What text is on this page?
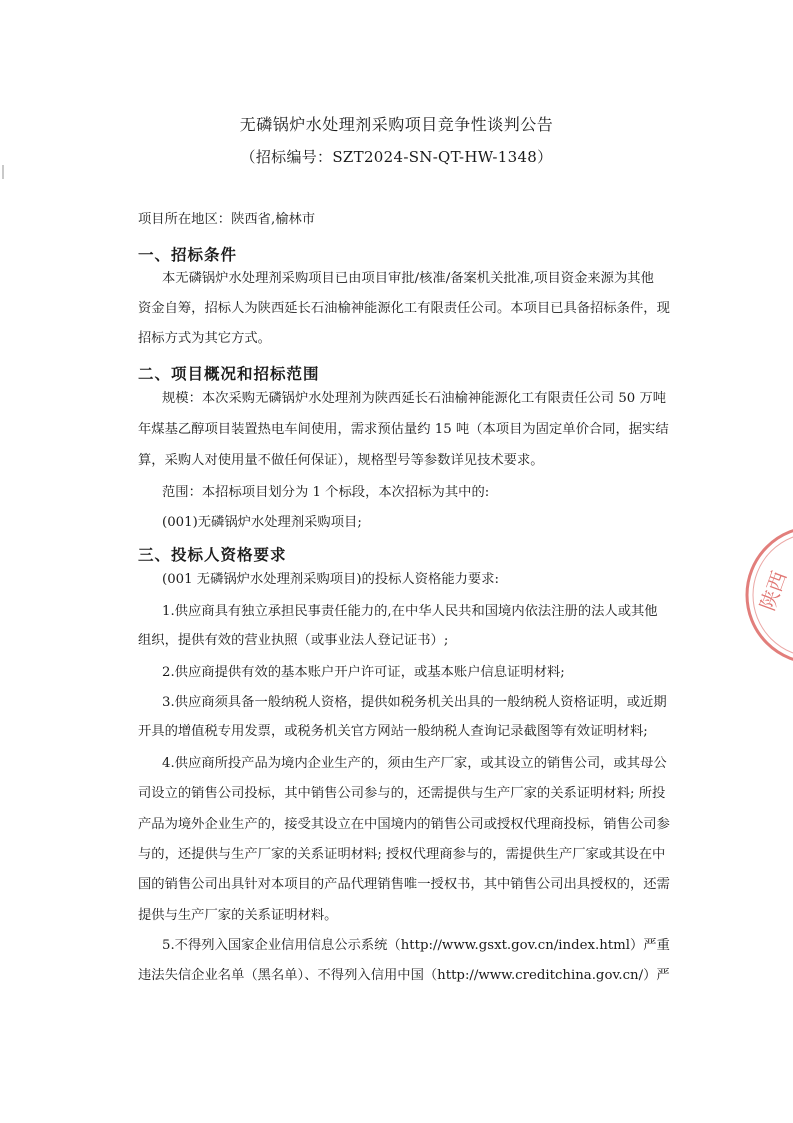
无磷锅炉水处理剂采购项目竞争性谈判公告
（招标编号：SZT2024-SN-QT-HW-1348）
项目所在地区：陕西省,榆林市
一、招标条件
本无磷锅炉水处理剂采购项目已由项目审批/核准/备案机关批准,项目资金来源为其他
资金自筹，招标人为陕西延长石油榆神能源化工有限责任公司。本项目已具备招标条件，现
招标方式为其它方式。
二、项目概况和招标范围
规模：本次采购无磷锅炉水处理剂为陕西延长石油榆神能源化工有限责任公司 50 万吨
年煤基乙醇项目装置热电车间使用，需求预估量约 15 吨（本项目为固定单价合同，据实结
算，采购人对使用量不做任何保证），规格型号等参数详见技术要求。
范围：本招标项目划分为 1 个标段，本次招标为其中的:
(001)无磷锅炉水处理剂采购项目;
三、投标人资格要求
(001 无磷锅炉水处理剂采购项目)的投标人资格能力要求:
1.供应商具有独立承担民事责任能力的,在中华人民共和国境内依法注册的法人或其他
组织，提供有效的营业执照（或事业法人登记证书）;
2.供应商提供有效的基本账户开户许可证，或基本账户信息证明材料;
3.供应商须具备一般纳税人资格，提供如税务机关出具的一般纳税人资格证明，或近期
开具的增值税专用发票，或税务机关官方网站一般纳税人查询记录截图等有效证明材料;
4.供应商所投产品为境内企业生产的，须由生产厂家，或其设立的销售公司，或其母公
司设立的销售公司投标，其中销售公司参与的，还需提供与生产厂家的关系证明材料; 所投
产品为境外企业生产的，接受其设立在中国境内的销售公司或授权代理商投标，销售公司参
与的，还提供与生产厂家的关系证明材料; 授权代理商参与的，需提供生产厂家或其设在中
国的销售公司出具针对本项目的产品代理销售唯一授权书，其中销售公司出具授权的，还需
提供与生产厂家的关系证明材料。
5.不得列入国家企业信用信息公示系统（http://www.gsxt.gov.cn/index.html）严重
违法失信企业名单（黑名单）、不得列入信用中国（http://www.creditchina.gov.cn/）严
陕西
